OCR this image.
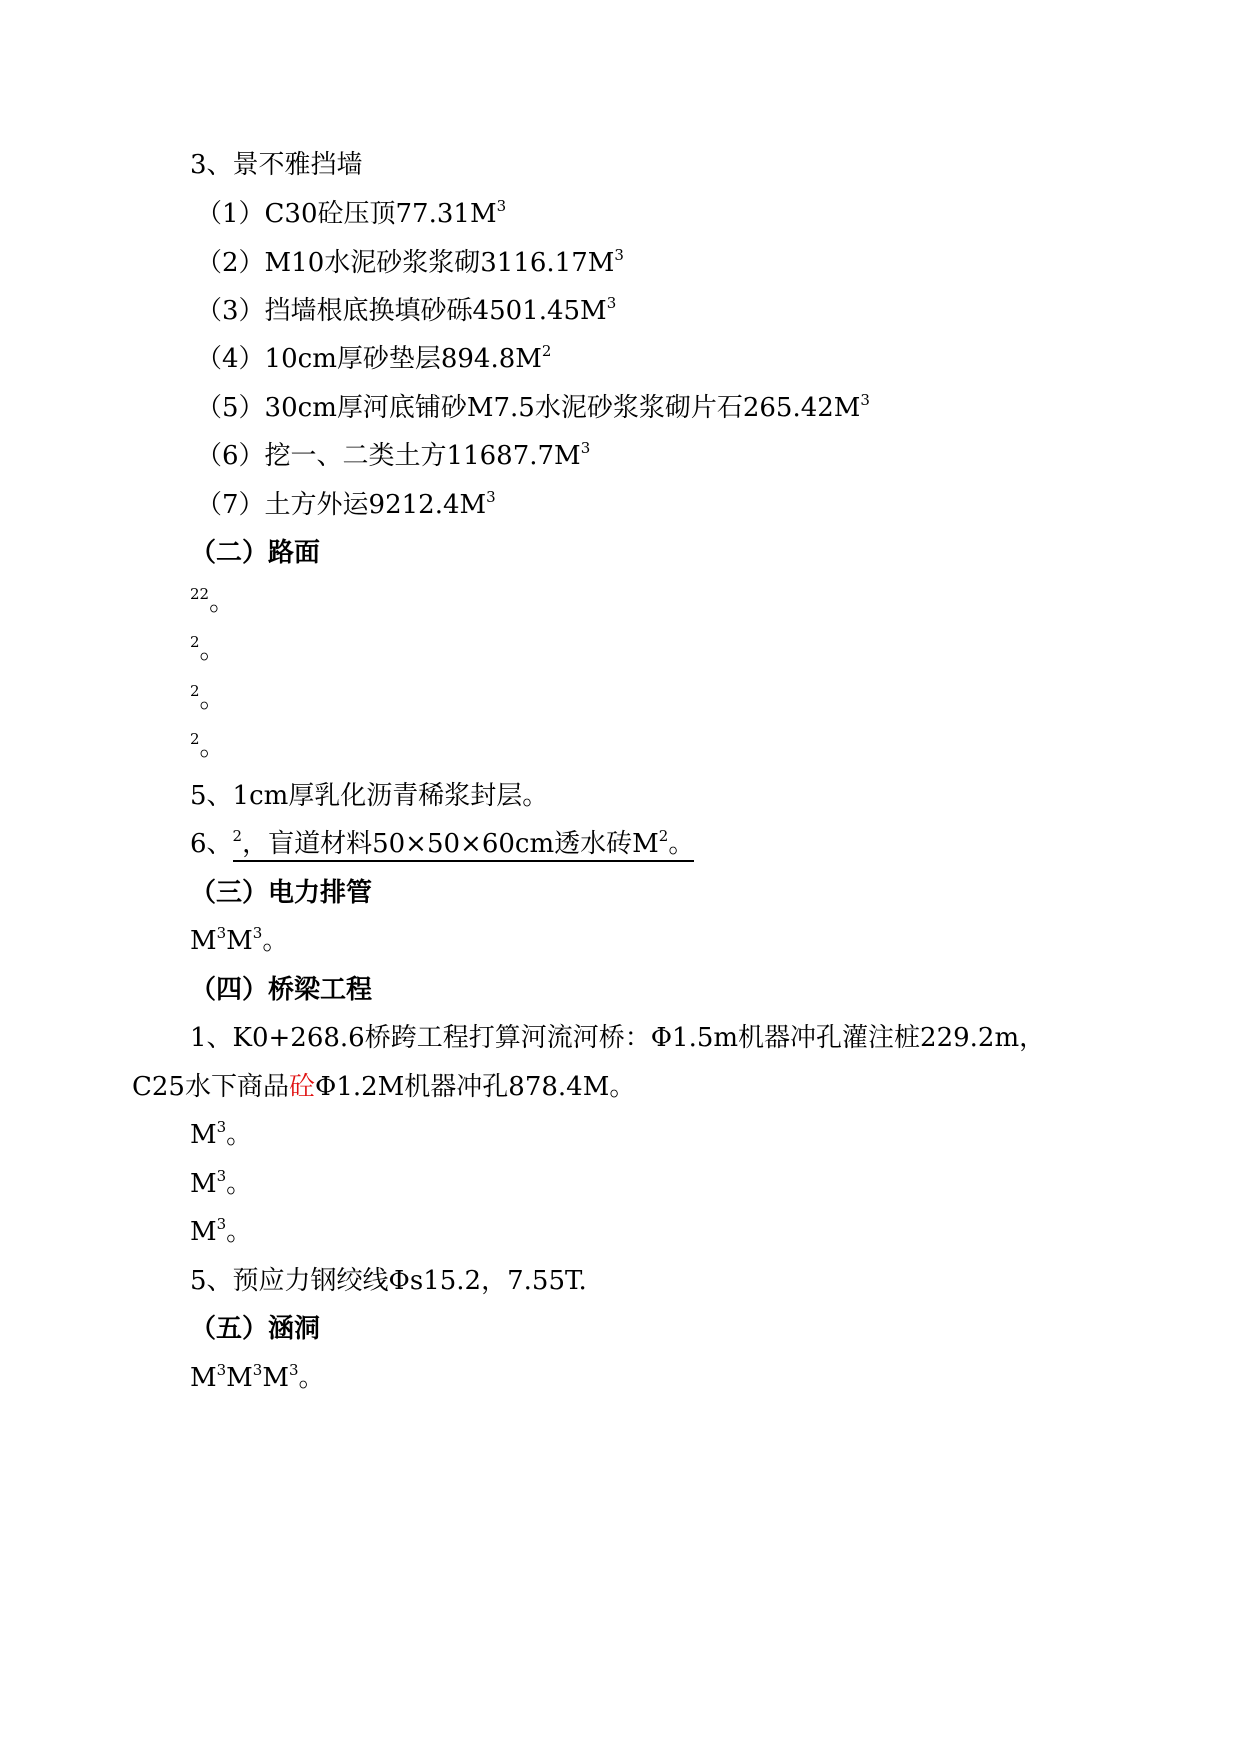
3、景不雅挡墙
（1）C30砼压顶$77.31M^3$
（2）M10水泥砂浆浆砌$3116.17M^3$
（3）挡墙根底换填砂砾$4501.45M^3$
（4）10cm厚砂垫层$894.8M^2$
（5）30cm厚河底铺砂M7.5水泥砂浆浆砌片石$265.42M^3$
（6）挖一、二类土方$11687.7M^3$
（7）土方外运$9212.4M^3$
（二）路面
$^{22}$。
$^2$。
$^2$。
$^2$。
5、1cm厚乳化沥青稀浆封层。
6、$^2$，盲道材料50×50×60cm透水砖$M^2$。
（三）电力排管
$M^3M^3$。
（四）桥梁工程
1、K0+268.6桥跨工程打算河流河桥：Φ1.5m机器冲孔灌注桩229.2m，
C25水下商品砼Φ1.2M机器冲孔878.4M。
$M^3$。
$M^3$。
$M^3$。
5、预应力钢绞线Φs15.2，7.55T.
（五）涵洞
$M^3M^3M^3$。
